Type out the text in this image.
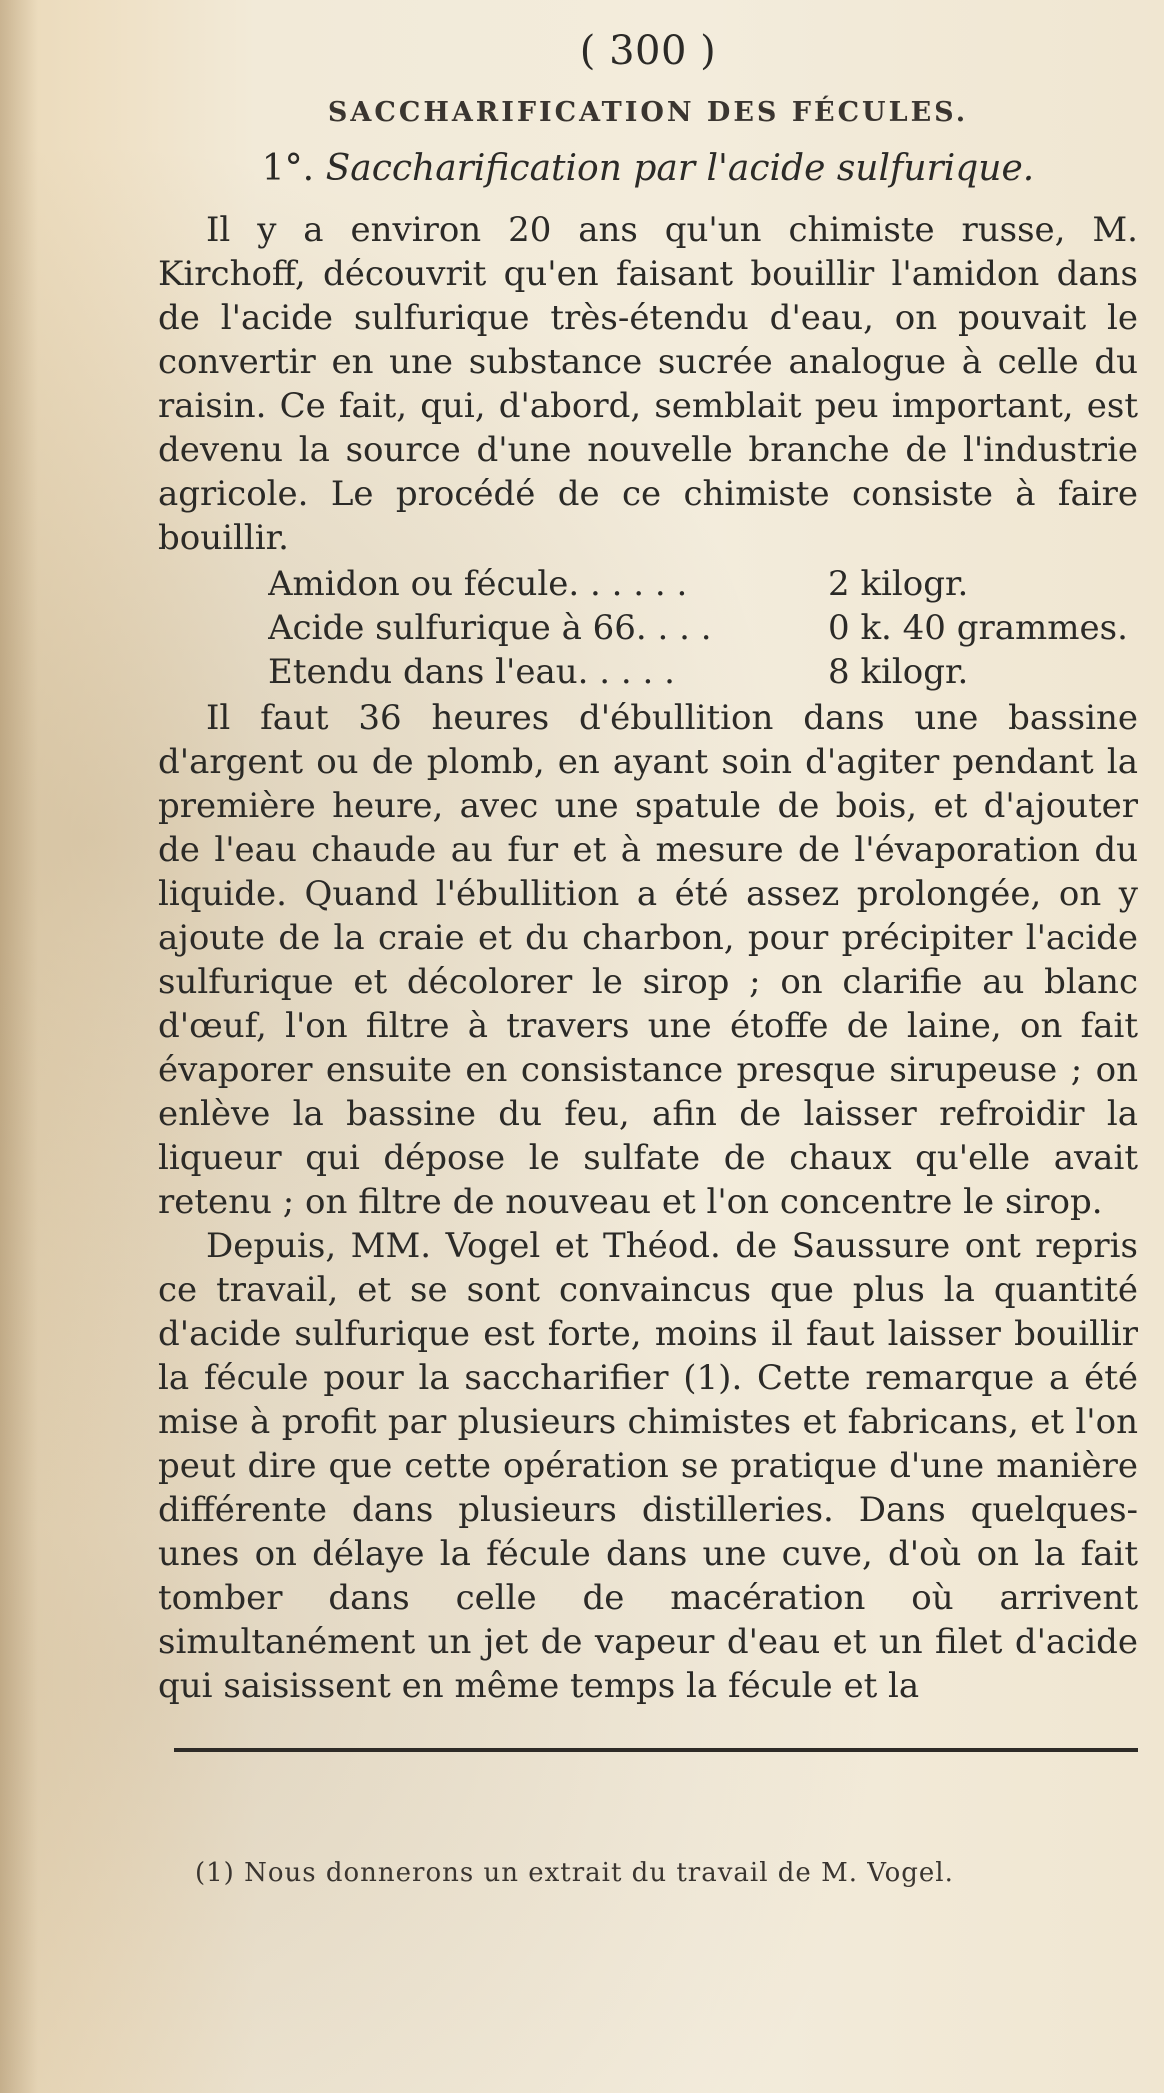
( 300 )
SACCHARIFICATION DES FÉCULES.
1°. Saccharification par l'acide sulfurique.

Il y a environ 20 ans qu'un chimiste russe, M. Kirchoff, découvrit qu'en faisant bouillir l'amidon dans de l'acide sulfurique très-étendu d'eau, on pouvait le convertir en une substance sucrée analogue à celle du raisin. Ce fait, qui, d'abord, semblait peu important, est devenu la source d'une nouvelle branche de l'industrie agricole. Le procédé de ce chimiste consiste à faire bouillir.

Amidon ou fécule. . . . . .	2 kilogr.
Acide sulfurique à 66. . . .	0 k. 40 grammes.
Etendu dans l'eau. . . . .	8 kilogr.

Il faut 36 heures d'ébullition dans une bassine d'argent ou de plomb, en ayant soin d'agiter pendant la première heure, avec une spatule de bois, et d'ajouter de l'eau chaude au fur et à mesure de l'évaporation du liquide. Quand l'ébullition a été assez prolongée, on y ajoute de la craie et du charbon, pour précipiter l'acide sulfurique et décolorer le sirop ; on clarifie au blanc d'œuf, l'on filtre à travers une étoffe de laine, on fait évaporer ensuite en consistance presque sirupeuse ; on enlève la bassine du feu, afin de laisser refroidir la liqueur qui dépose le sulfate de chaux qu'elle avait retenu ; on filtre de nouveau et l'on concentre le sirop.

Depuis, MM. Vogel et Théod. de Saussure ont repris ce travail, et se sont convaincus que plus la quantité d'acide sulfurique est forte, moins il faut laisser bouillir la fécule pour la saccharifier (1). Cette remarque a été mise à profit par plusieurs chimistes et fabricans, et l'on peut dire que cette opération se pratique d'une manière différente dans plusieurs distilleries. Dans quelques-unes on délaye la fécule dans une cuve, d'où on la fait tomber dans celle de macération où arrivent simultanément un jet de vapeur d'eau et un filet d'acide qui saisissent en même temps la fécule et la

(1) Nous donnerons un extrait du travail de M. Vogel.
